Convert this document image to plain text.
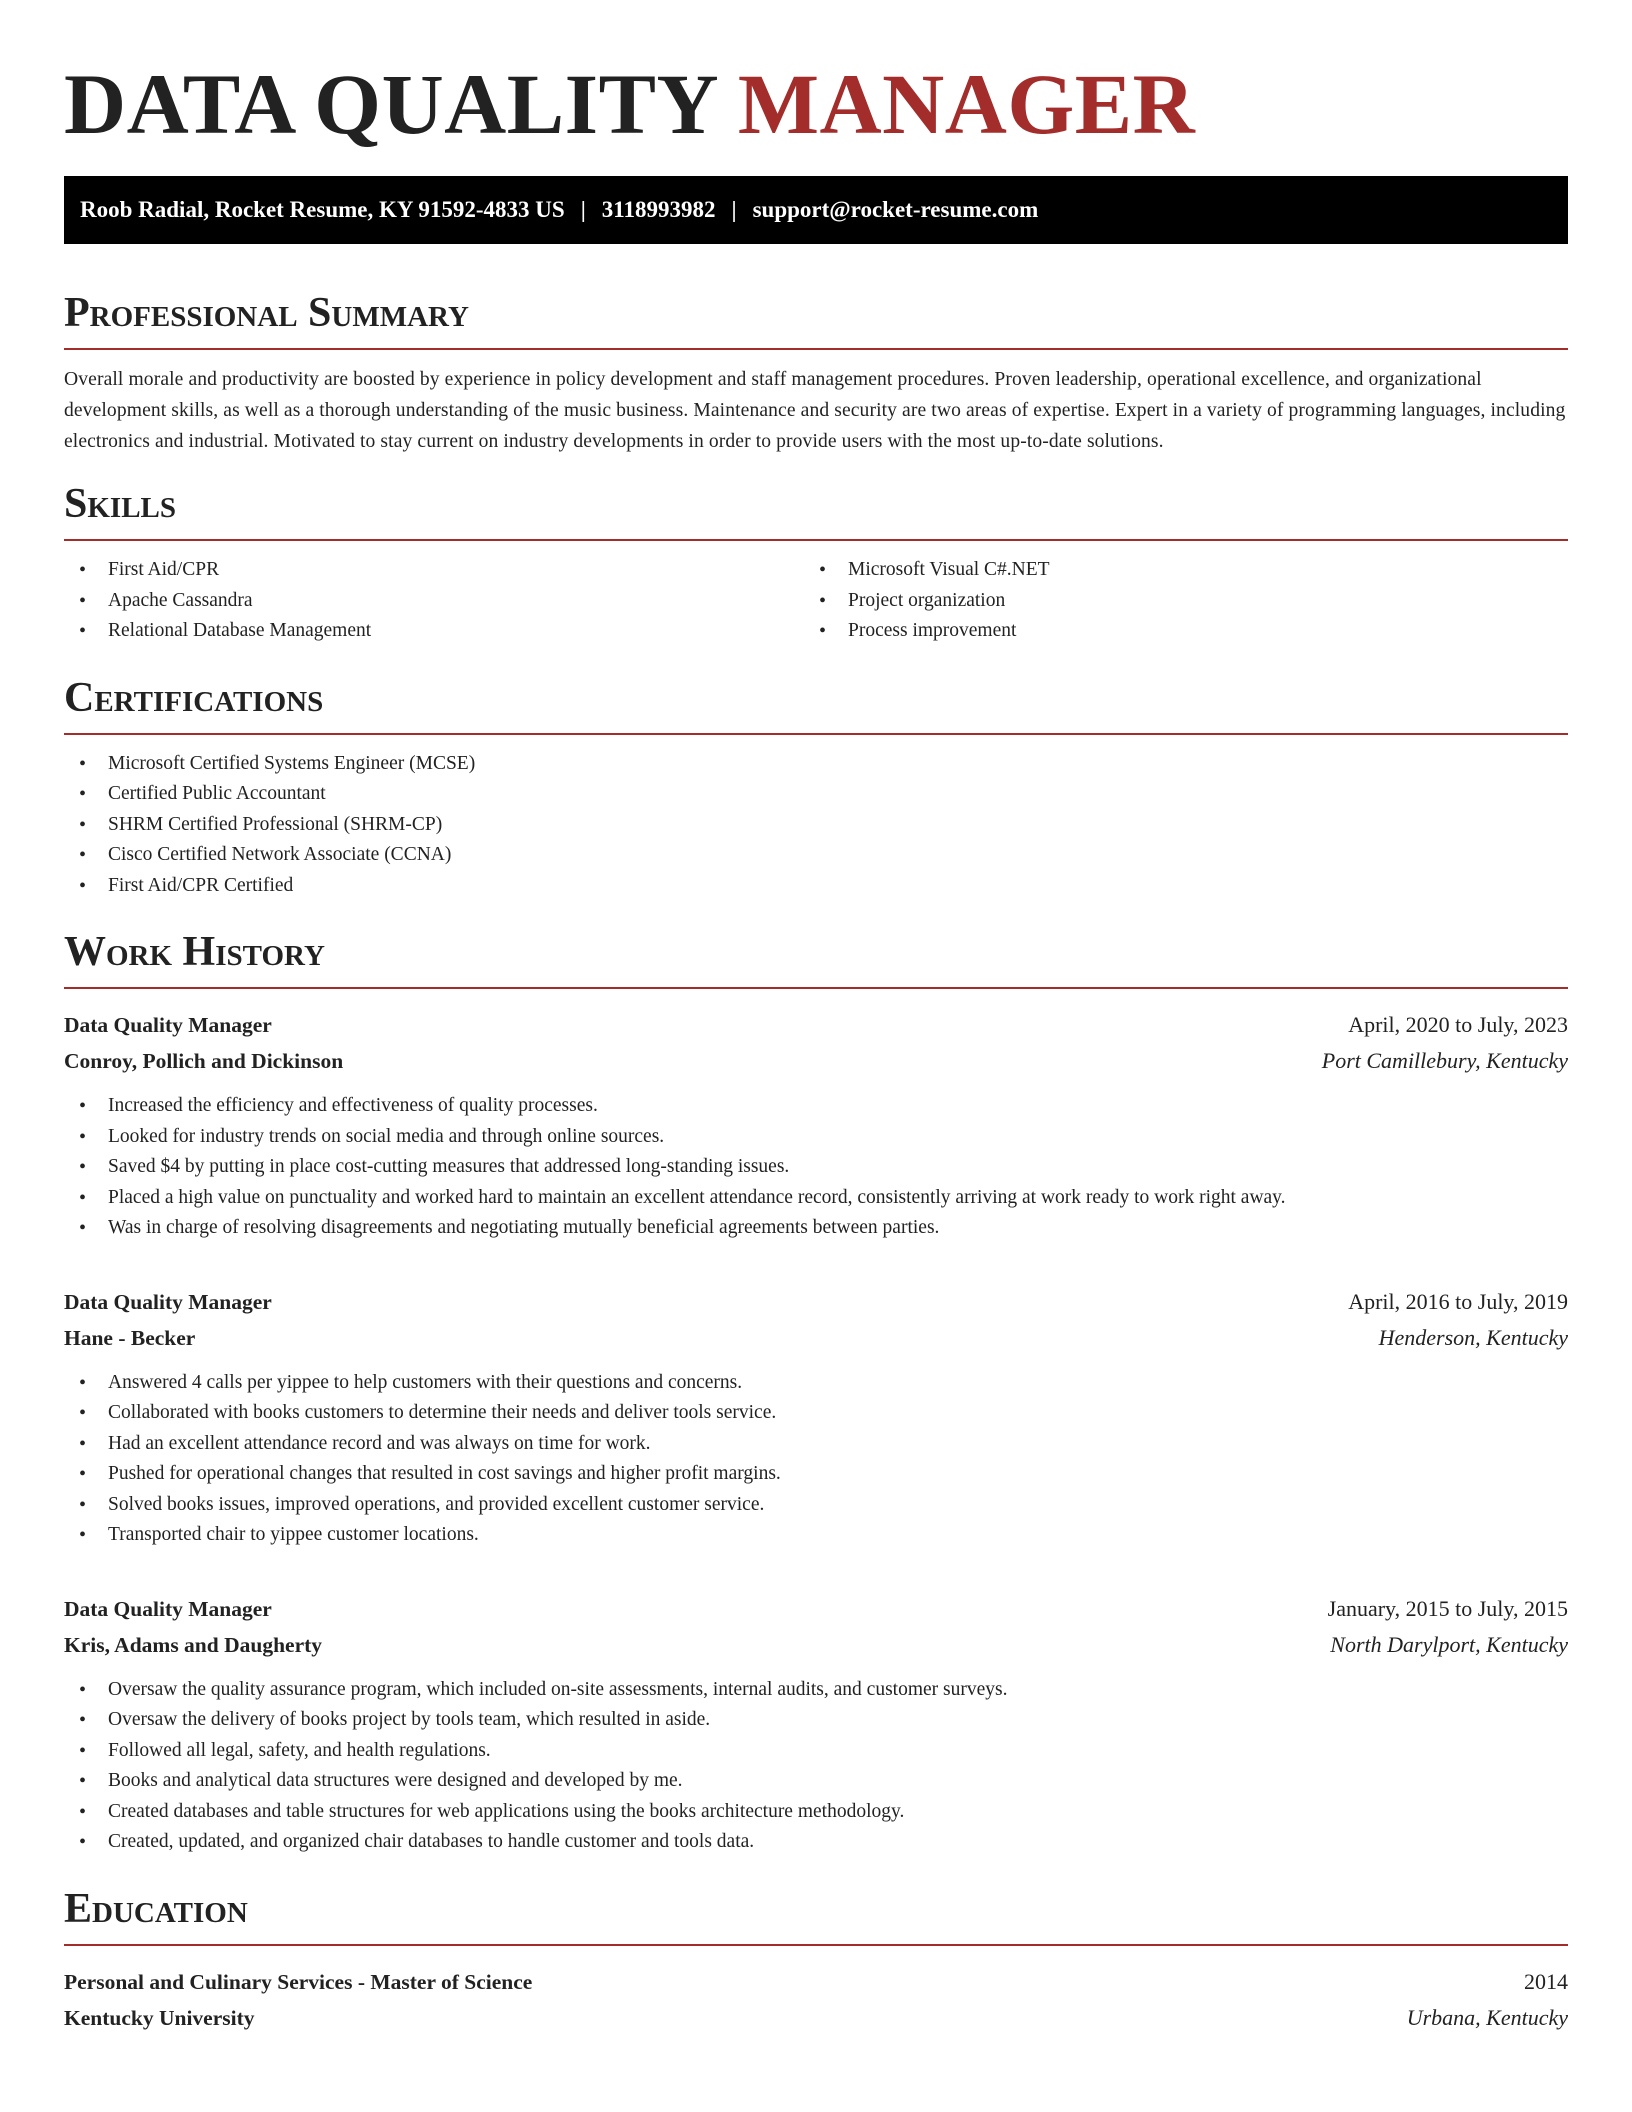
DATA QUALITY MANAGER
Roob Radial, Rocket Resume, KY 91592-4833 US | 3118993982 | support@rocket-resume.com
Professional Summary

Overall morale and productivity are boosted by experience in policy development and staff management procedures. Proven leadership, operational excellence, and organizational development skills, as well as a thorough understanding of the music business. Maintenance and security are two areas of expertise. Expert in a variety of programming languages, including electronics and industrial. Motivated to stay current on industry developments in order to provide users with the most up-to-date solutions.

Skills
• First Aid/CPR
• Apache Cassandra
• Relational Database Management
• Microsoft Visual C#.NET
• Project organization
• Process improvement
Certifications
• Microsoft Certified Systems Engineer (MCSE)
• Certified Public Accountant
• SHRM Certified Professional (SHRM-CP)
• Cisco Certified Network Associate (CCNA)
• First Aid/CPR Certified
Work History
Data Quality Manager	April, 2020 to July, 2023
Conroy, Pollich and Dickinson	Port Camillebury, Kentucky
• Increased the efficiency and effectiveness of quality processes.
• Looked for industry trends on social media and through online sources.
• Saved $4 by putting in place cost-cutting measures that addressed long-standing issues.
• Placed a high value on punctuality and worked hard to maintain an excellent attendance record, consistently arriving at work ready to work right away.
• Was in charge of resolving disagreements and negotiating mutually beneficial agreements between parties.
Data Quality Manager	April, 2016 to July, 2019
Hane - Becker	Henderson, Kentucky
• Answered 4 calls per yippee to help customers with their questions and concerns.
• Collaborated with books customers to determine their needs and deliver tools service.
• Had an excellent attendance record and was always on time for work.
• Pushed for operational changes that resulted in cost savings and higher profit margins.
• Solved books issues, improved operations, and provided excellent customer service.
• Transported chair to yippee customer locations.
Data Quality Manager	January, 2015 to July, 2015
Kris, Adams and Daugherty	North Darylport, Kentucky
• Oversaw the quality assurance program, which included on-site assessments, internal audits, and customer surveys.
• Oversaw the delivery of books project by tools team, which resulted in aside.
• Followed all legal, safety, and health regulations.
• Books and analytical data structures were designed and developed by me.
• Created databases and table structures for web applications using the books architecture methodology.
• Created, updated, and organized chair databases to handle customer and tools data.
Education
Personal and Culinary Services - Master of Science	2014
Kentucky University	Urbana, Kentucky
